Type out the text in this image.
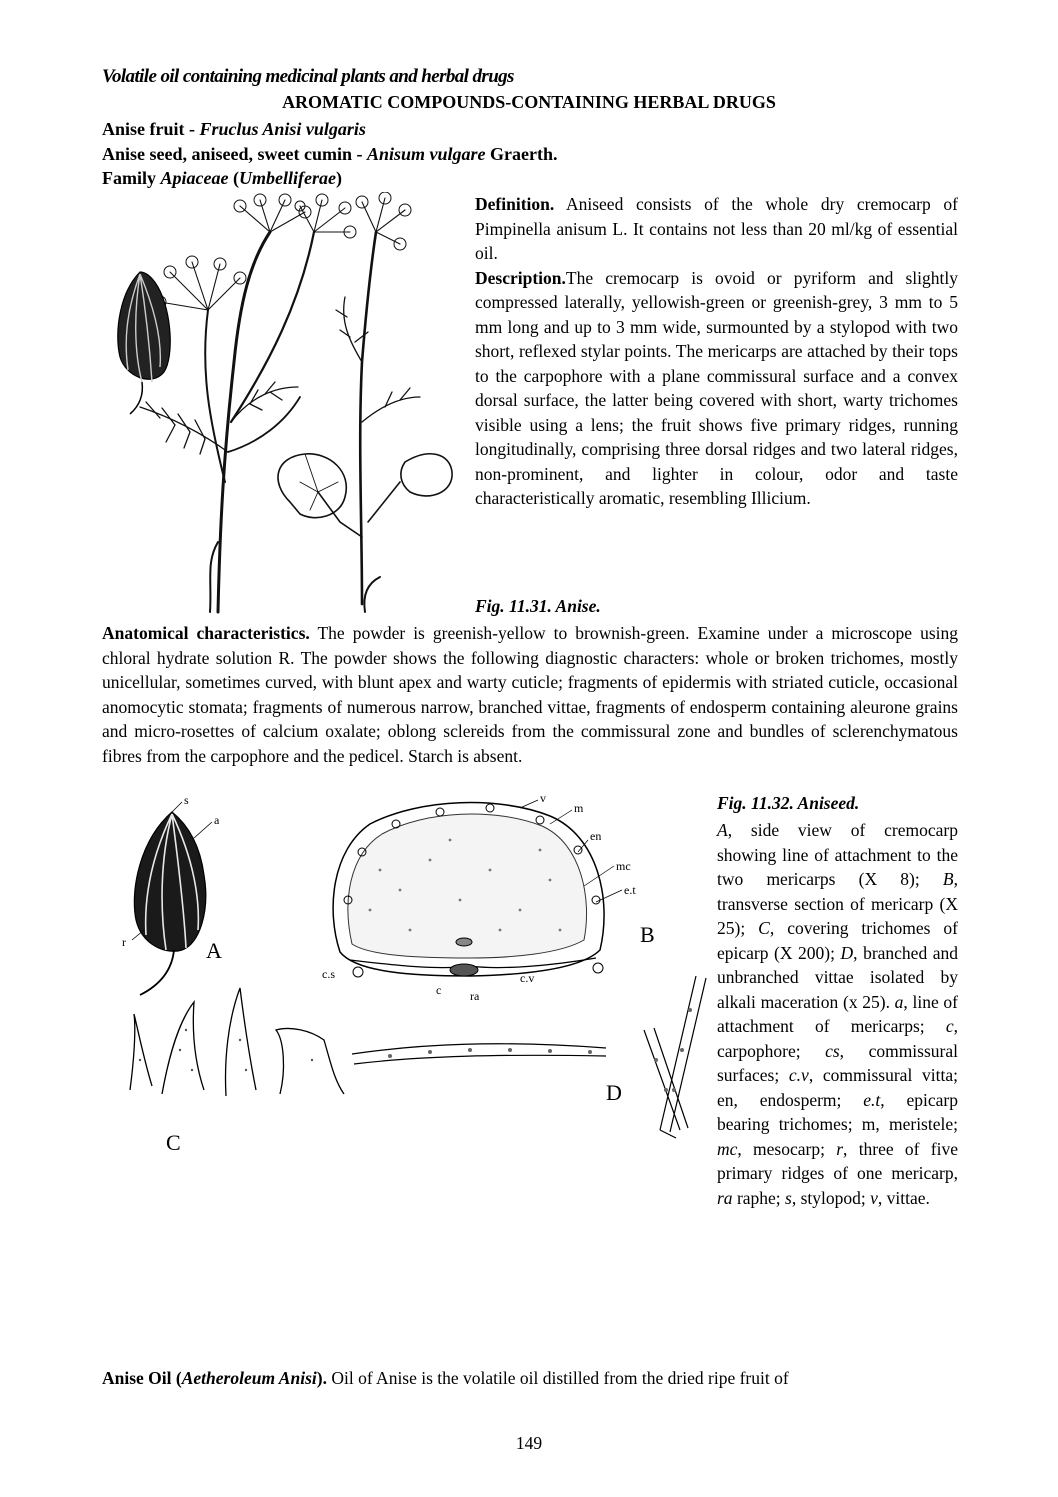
Volatile oil containing medicinal plants and herbal drugs
AROMATIC COMPOUNDS-CONTAINING HERBAL DRUGS
Anise fruit - Fruclus Anisi vulgaris
Anise seed, aniseed, sweet cumin - Anisum vulgare Graerth.
Family Apiaceae (Umbelliferae)
Definition. Aniseed consists of the whole dry cremocarp of Pimpinella anisum L. It contains not less than 20 ml/kg of essential oil.
Description.The cremocarp is ovoid or pyriform and slightly compressed laterally, yellowish-green or greenish-grey, 3 mm to 5 mm long and up to 3 mm wide, surmounted by a stylopod with two short, reflexed stylar points. The mericarps are attached by their tops to the carpophore with a plane commissural surface and a convex dorsal surface, the latter being covered with short, warty trichomes visible using a lens; the fruit shows five primary ridges, running longitudinally, comprising three dorsal ridges and two lateral ridges, non-prominent, and lighter in colour, odor and taste characteristically aromatic, resembling Illicium.
Fig. 11.31. Anise.
Anatomical characteristics. The powder is greenish-yellow to brownish-green. Examine under a microscope using chloral hydrate solution R. The powder shows the following diagnostic characters: whole or broken trichomes, mostly unicellular, sometimes curved, with blunt apex and warty cuticle; fragments of epidermis with striated cuticle, occasional anomocytic stomata; fragments of numerous narrow, branched vittae, fragments of endosperm containing aleurone grains and micro-rosettes of calcium oxalate; oblong sclereids from the commissural zone and bundles of sclerenchymatous fibres from the carpophore and the pedicel. Starch is absent.
s
a
r	A
v
m
en
mc
e.t
c.s
c ra
c.v
B
C
D
Fig. 11.32. Aniseed.
A, side view of cremocarp showing line of attachment to the two mericarps (X 8); B, transverse section of mericarp (X 25); C, covering trichomes of epicarp (X 200); D, branched and unbranched vittae isolated by alkali maceration (x 25). a, line of attachment of mericarps; c, carpophore; cs, commissural surfaces; c.v, commissural vitta; en, endosperm; e.t, epicarp bearing trichomes; m, meristele; mc, mesocarp; r, three of five primary ridges of one mericarp, ra raphe; s, stylopod; v, vittae.
Anise Oil (Aetheroleum Anisi). Oil of Anise is the volatile oil distilled from the dried ripe fruit of
149
